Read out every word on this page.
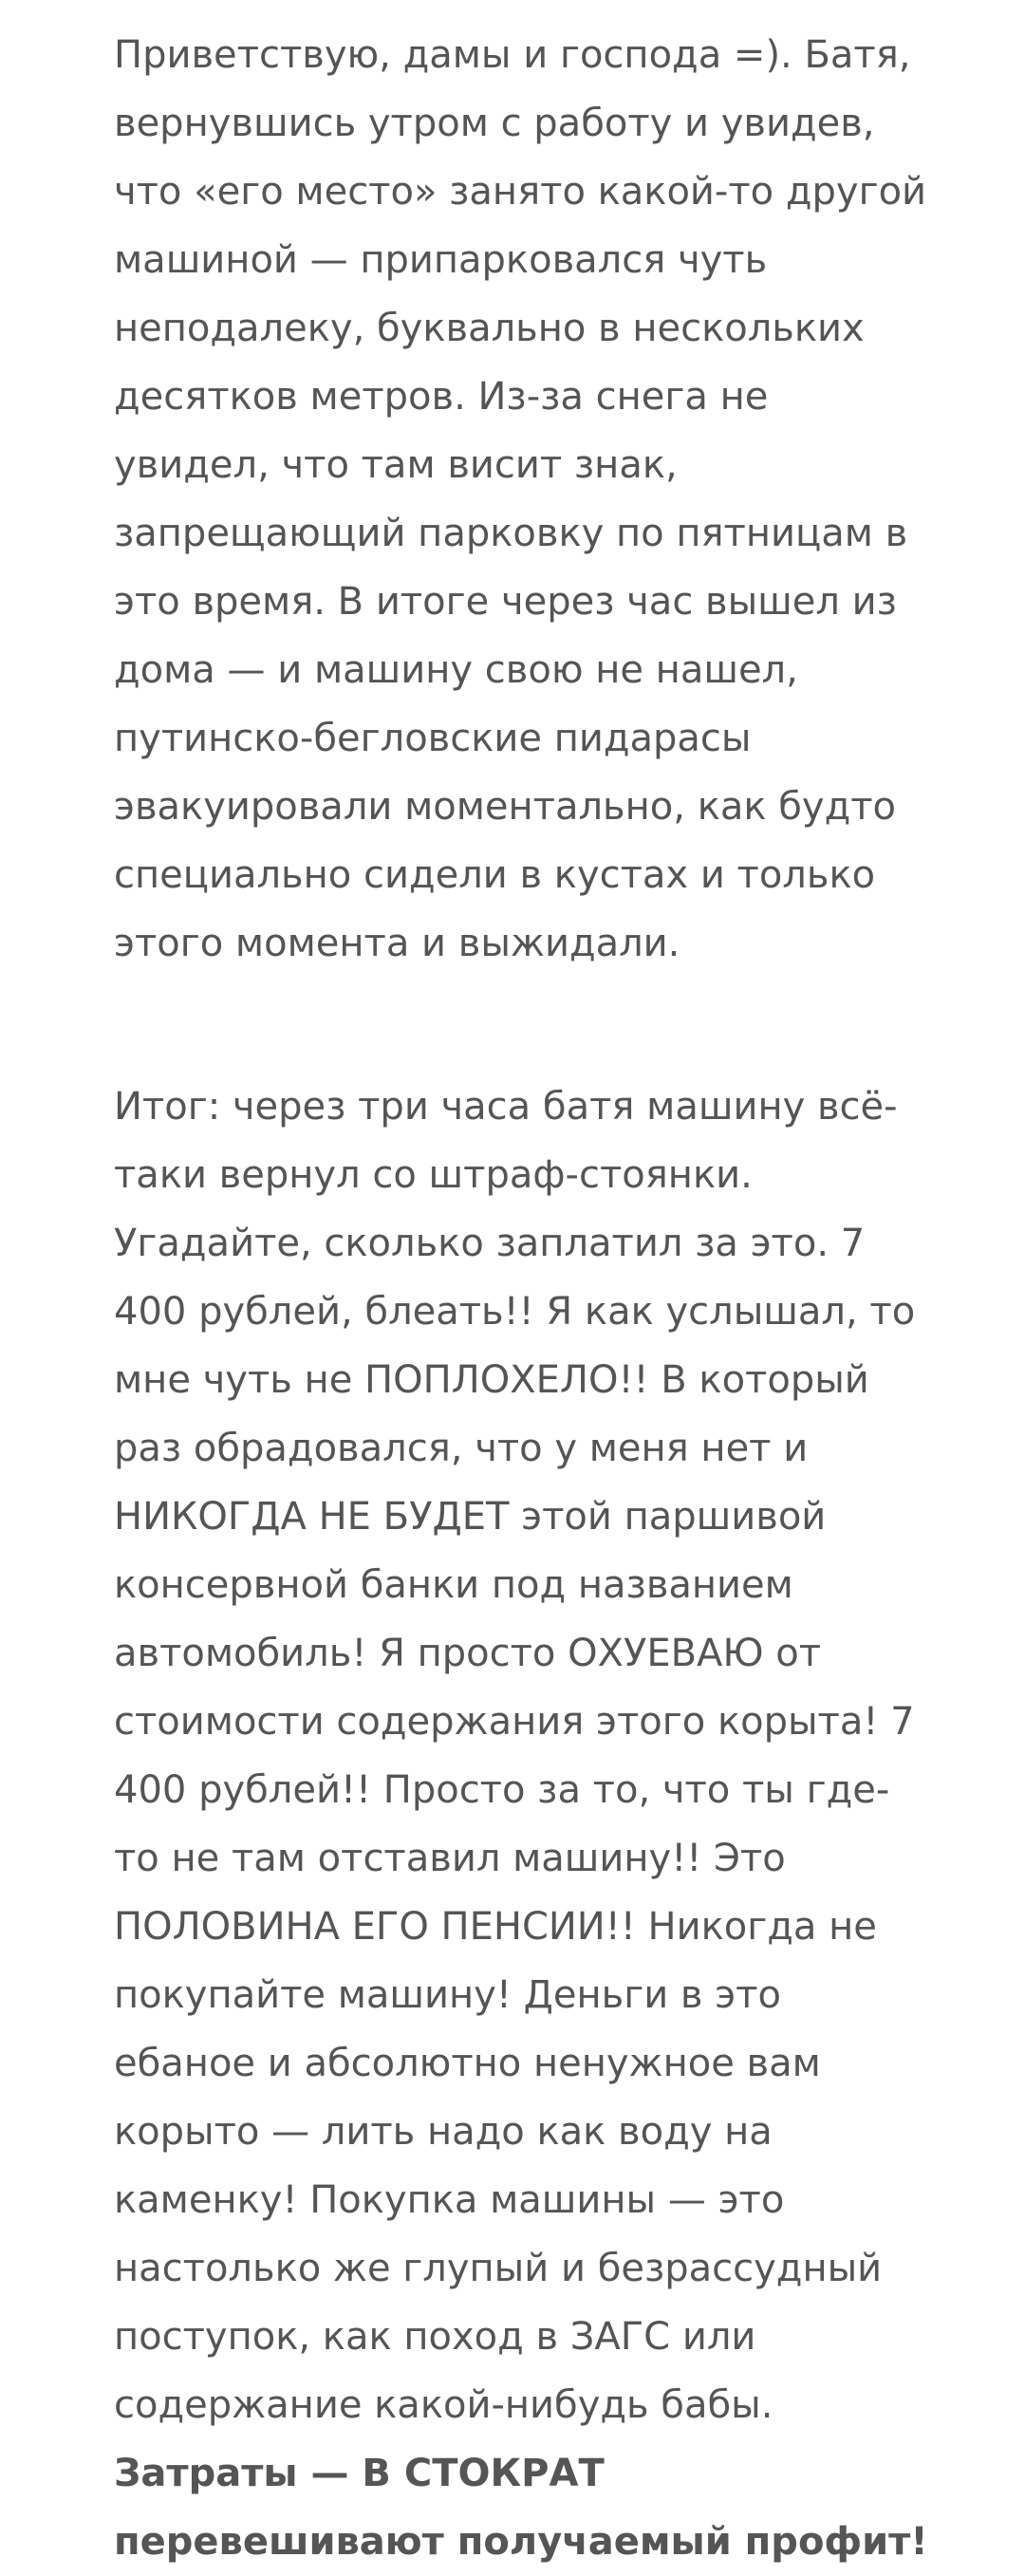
Приветствую, дамы и господа =). Батя, вернувшись утром с работу и увидев, что «его место» занято какой-то другой машиной — припарковался чуть неподалеку, буквально в нескольких десятков метров. Из-за снега не увидел, что там висит знак, запрещающий парковку по пятницам в это время. В итоге через час вышел из дома — и машину свою не нашел, путинско-бегловские пидарасы эвакуировали моментально, как будто специально сидели в кустах и только этого момента и выжидали.

Итог: через три часа батя машину всё-таки вернул со штраф-стоянки. Угадайте, сколько заплатил за это. 7 400 рублей, блеать!! Я как услышал, то мне чуть не ПОПЛОХЕЛО!! В который раз обрадовался, что у меня нет и НИКОГДА НЕ БУДЕТ этой паршивой консервной банки под названием автомобиль! Я просто ОХУЕВАЮ от стоимости содержания этого корыта! 7 400 рублей!! Просто за то, что ты где-то не там отставил машину!! Это ПОЛОВИНА ЕГО ПЕНСИИ!! Никогда не покупайте машину! Деньги в это ебаное и абсолютно ненужное вам корыто — лить надо как воду на каменку! Покупка машины — это настолько же глупый и безрассудный поступок, как поход в ЗАГС или содержание какой-нибудь бабы. Затраты — В СТОКРАТ перевешивают получаемый профит!
